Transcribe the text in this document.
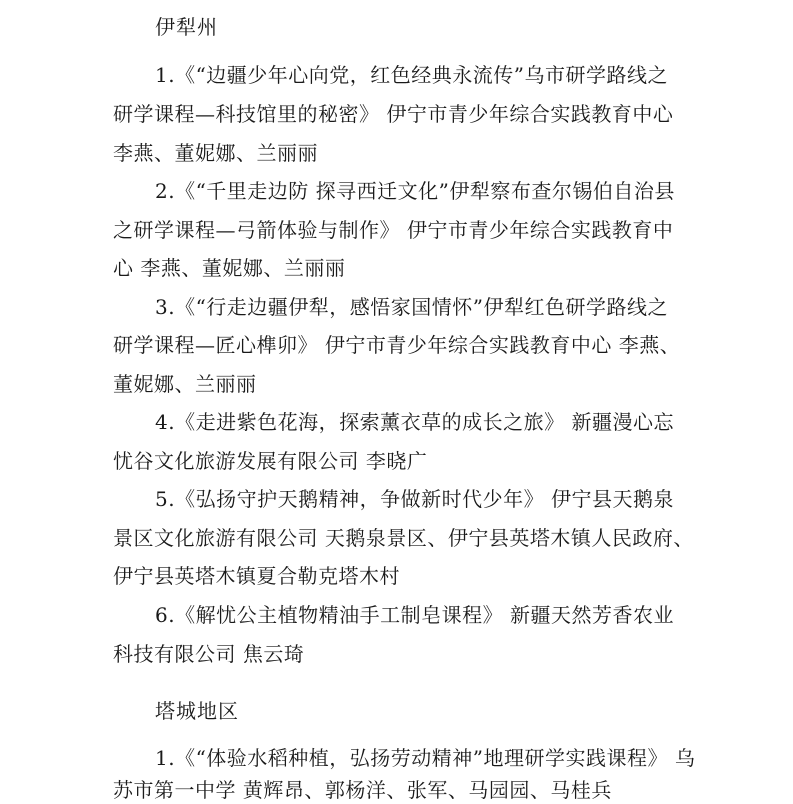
伊犁州
1.《“边疆少年心向党，红色经典永流传”乌市研学路线之
研学课程—科技馆里的秘密》 伊宁市青少年综合实践教育中心
李燕、董妮娜、兰丽丽
2.《“千里走边防 探寻西迁文化”伊犁察布查尔锡伯自治县
之研学课程—弓箭体验与制作》 伊宁市青少年综合实践教育中
心 李燕、董妮娜、兰丽丽
3.《“行走边疆伊犁，感悟家国情怀”伊犁红色研学路线之
研学课程—匠心榫卯》 伊宁市青少年综合实践教育中心 李燕、
董妮娜、兰丽丽
4.《走进紫色花海，探索薰衣草的成长之旅》 新疆漫心忘
忧谷文化旅游发展有限公司 李晓广
5.《弘扬守护天鹅精神，争做新时代少年》 伊宁县天鹅泉
景区文化旅游有限公司 天鹅泉景区、伊宁县英塔木镇人民政府、
伊宁县英塔木镇夏合勒克塔木村
6.《解忧公主植物精油手工制皂课程》 新疆天然芳香农业
科技有限公司 焦云琦
塔城地区
1.《“体验水稻种植，弘扬劳动精神”地理研学实践课程》 乌
苏市第一中学 黄辉昂、郭杨洋、张军、马园园、马桂兵
